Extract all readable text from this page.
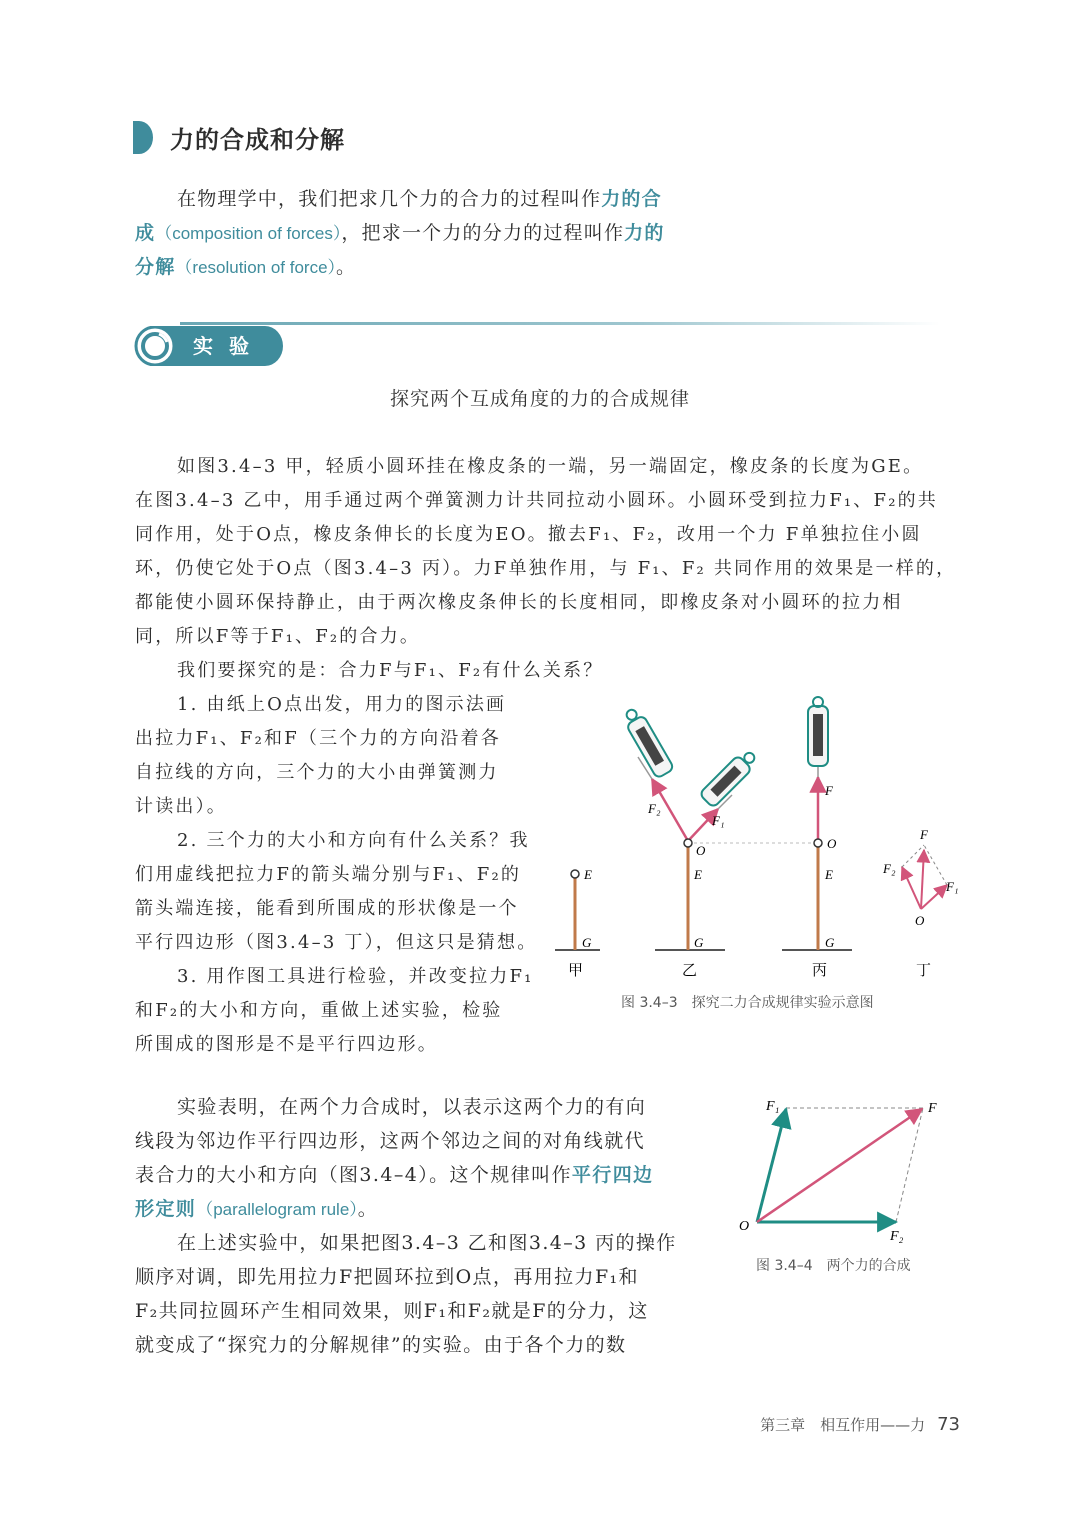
力的合成和分解
在物理学中，我们把求几个力的合力的过程叫作力的合
成（composition of forces），把求一个力的分力的过程叫作力的
分解（resolution of force）。
实验
探究两个互成角度的力的合成规律
如图3.4–3 甲，轻质小圆环挂在橡皮条的一端，另一端固定，橡皮条的长度为GE。
在图3.4–3 乙中，用手通过两个弹簧测力计共同拉动小圆环。小圆环受到拉力F₁、F₂的共
同作用，处于O点，橡皮条伸长的长度为EO。撤去F₁、F₂，改用一个力 F单独拉住小圆
环，仍使它处于O点（图3.4–3 丙）。力F单独作用，与 F₁、F₂ 共同作用的效果是一样的，
都能使小圆环保持静止，由于两次橡皮条伸长的长度相同，即橡皮条对小圆环的拉力相
同，所以F等于F₁、F₂的合力。
我们要探究的是：合力F与F₁、F₂有什么关系？
1. 由纸上O点出发，用力的图示法画
出拉力F₁、F₂和F（三个力的方向沿着各
自拉线的方向，三个力的大小由弹簧测力
计读出）。
2. 三个力的大小和方向有什么关系？我
们用虚线把拉力F的箭头端分别与F₁、F₂的
箭头端连接，能看到所围成的形状像是一个
平行四边形（图3.4–3 丁），但这只是猜想。
3. 用作图工具进行检验，并改变拉力F₁
和F₂的大小和方向，重做上述实验，检验
所围成的图形是不是平行四边形。
E
G
O
E
G
F₂
F₁
O
E
G
F
F
F₂
F₁
O
甲	乙	丙	丁
图 3.4–3　探究二力合成规律实验示意图
实验表明，在两个力合成时，以表示这两个力的有向
线段为邻边作平行四边形，这两个邻边之间的对角线就代
表合力的大小和方向（图3.4–4）。这个规律叫作平行四边
形定则（parallelogram rule）。
在上述实验中，如果把图3.4–3 乙和图3.4–3 丙的操作
顺序对调，即先用拉力F把圆环拉到O点，再用拉力F₁和
F₂共同拉圆环产生相同效果，则F₁和F₂就是F的分力，这
就变成了“探究力的分解规律”的实验。由于各个力的数
F₁	F
F₂
O
图 3.4–4　两个力的合成
第三章　相互作用——力 73
